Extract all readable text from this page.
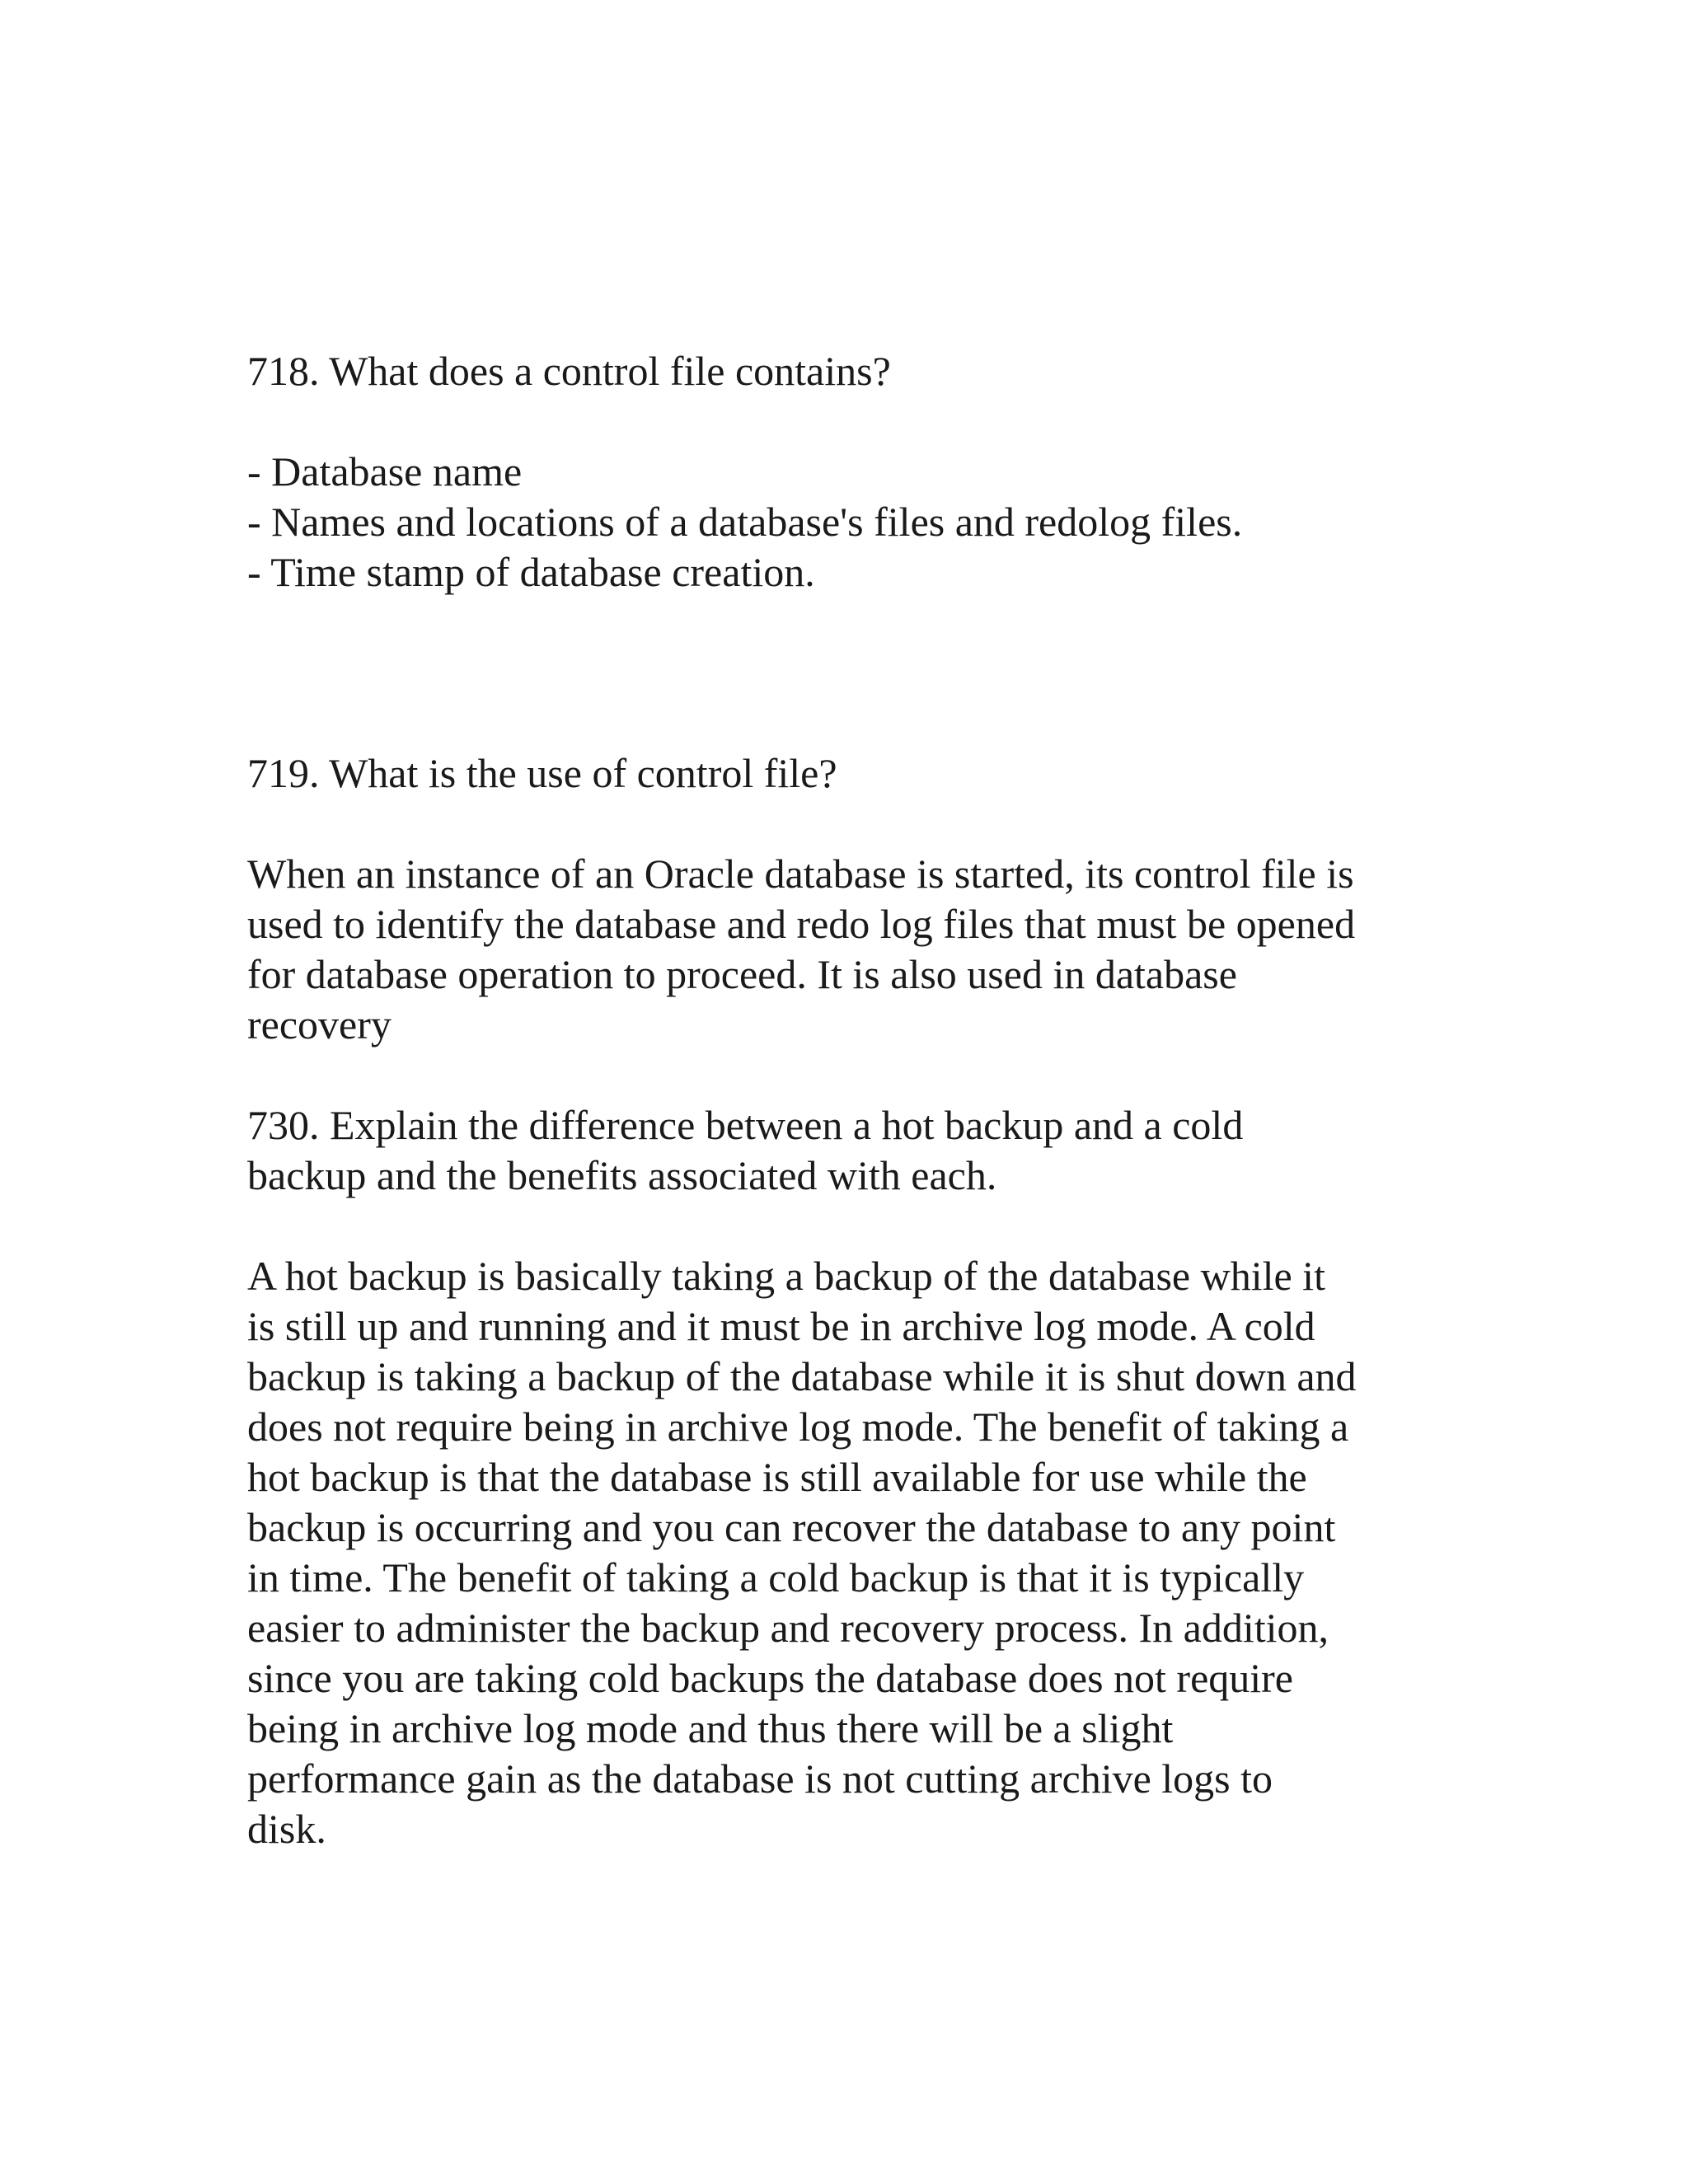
718. What does a control file contains?

- Database name
- Names and locations of a database's files and redolog files.
- Time stamp of database creation.

719. What is the use of control file?

When an instance of an Oracle database is started, its control file is
used to identify the database and redo log files that must be opened
for database operation to proceed. It is also used in database
recovery
730. Explain the difference between a hot backup and a cold
backup and the benefits associated with each.
A hot backup is basically taking a backup of the database while it
is still up and running and it must be in archive log mode. A cold
backup is taking a backup of the database while it is shut down and
does not require being in archive log mode. The benefit of taking a
hot backup is that the database is still available for use while the
backup is occurring and you can recover the database to any point
in time. The benefit of taking a cold backup is that it is typically
easier to administer the backup and recovery process. In addition,
since you are taking cold backups the database does not require
being in archive log mode and thus there will be a slight
performance gain as the database is not cutting archive logs to
disk.
